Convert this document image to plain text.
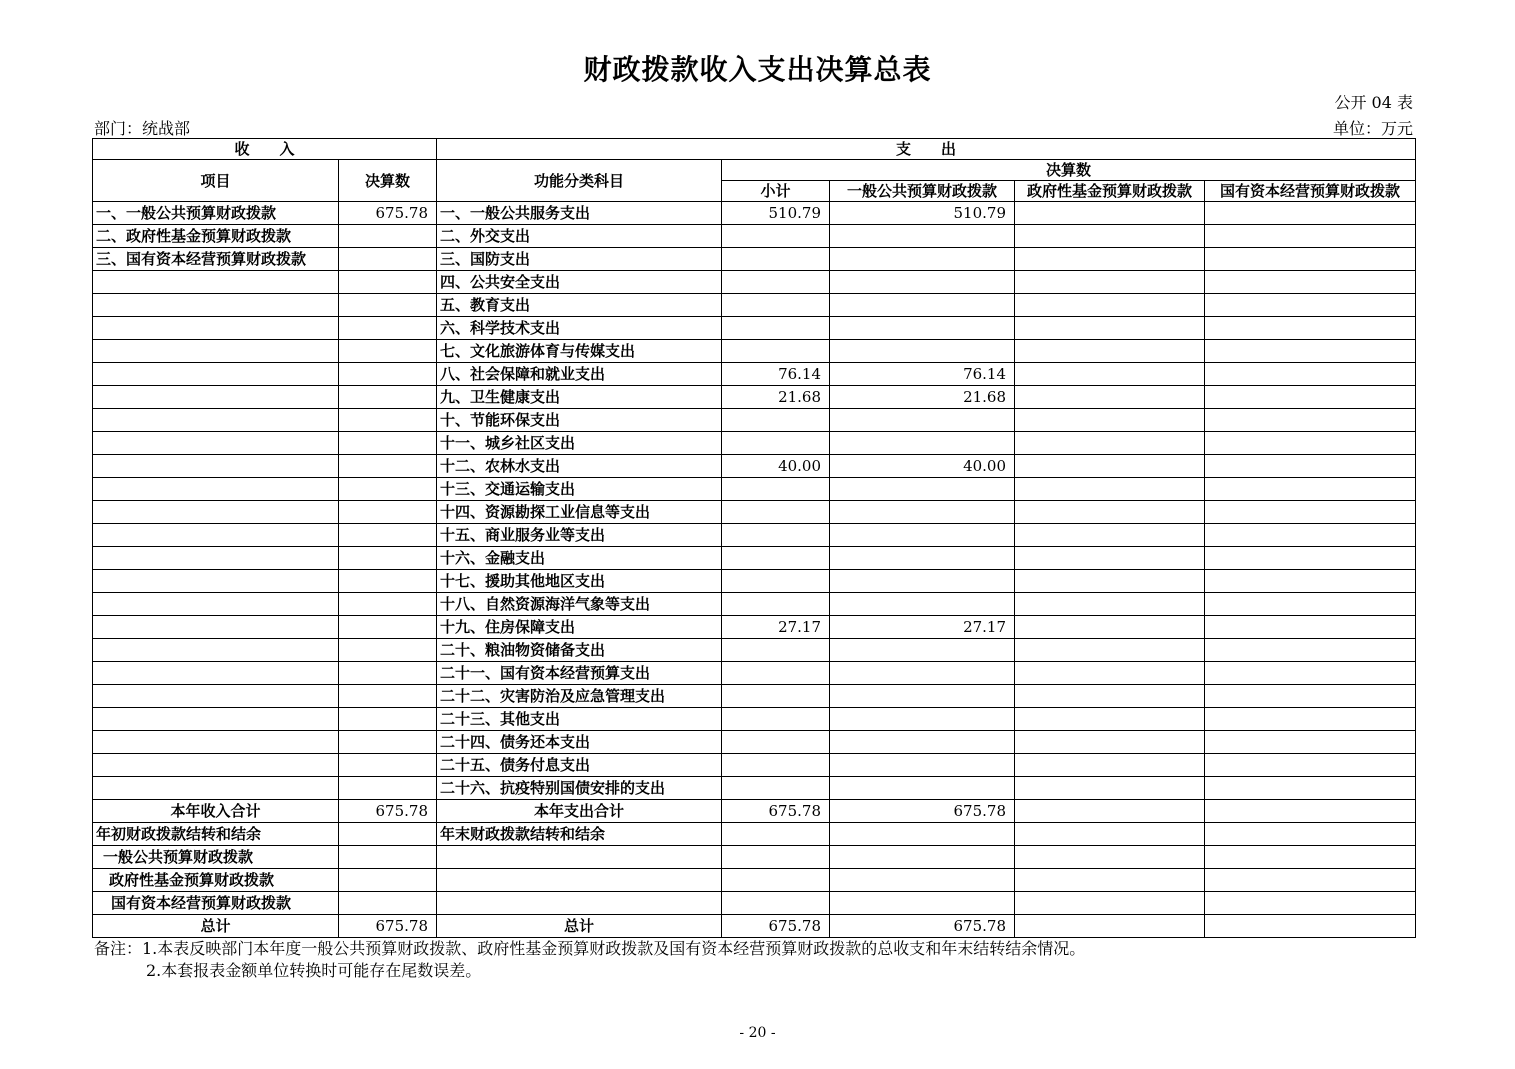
财政拨款收入支出决算总表
公开 04 表
部门：统战部	单位：万元
收　　入		支　　出				
项目	决算数	功能分类科目	决算数			
			小计	一般公共预算财政拨款	政府性基金预算财政拨款	国有资本经营预算财政拨款
一、一般公共预算财政拨款	675.78	一、一般公共服务支出	510.79	510.79		
二、政府性基金预算财政拨款		二、外交支出				
三、国有资本经营预算财政拨款		三、国防支出				
		四、公共安全支出				
		五、教育支出				
		六、科学技术支出				
		七、文化旅游体育与传媒支出				
		八、社会保障和就业支出	76.14	76.14		
		九、卫生健康支出	21.68	21.68		
		十、节能环保支出				
		十一、城乡社区支出				
		十二、农林水支出	40.00	40.00		
		十三、交通运输支出				
		十四、资源勘探工业信息等支出				
		十五、商业服务业等支出				
		十六、金融支出				
		十七、援助其他地区支出				
		十八、自然资源海洋气象等支出				
		十九、住房保障支出	27.17	27.17		
		二十、粮油物资储备支出				
		二十一、国有资本经营预算支出				
		二十二、灾害防治及应急管理支出				
		二十三、其他支出				
		二十四、债务还本支出				
		二十五、债务付息支出				
		二十六、抗疫特别国债安排的支出				
本年收入合计	675.78	本年支出合计	675.78	675.78		
年初财政拨款结转和结余		年末财政拨款结转和结余				
一般公共预算财政拨款						
政府性基金预算财政拨款						
国有资本经营预算财政拨款						
总计	675.78	总计	675.78	675.78		
备注：1.本表反映部门本年度一般公共预算财政拨款、政府性基金预算财政拨款及国有资本经营预算财政拨款的总收支和年末结转结余情况。
2.本套报表金额单位转换时可能存在尾数误差。
- 20 -
